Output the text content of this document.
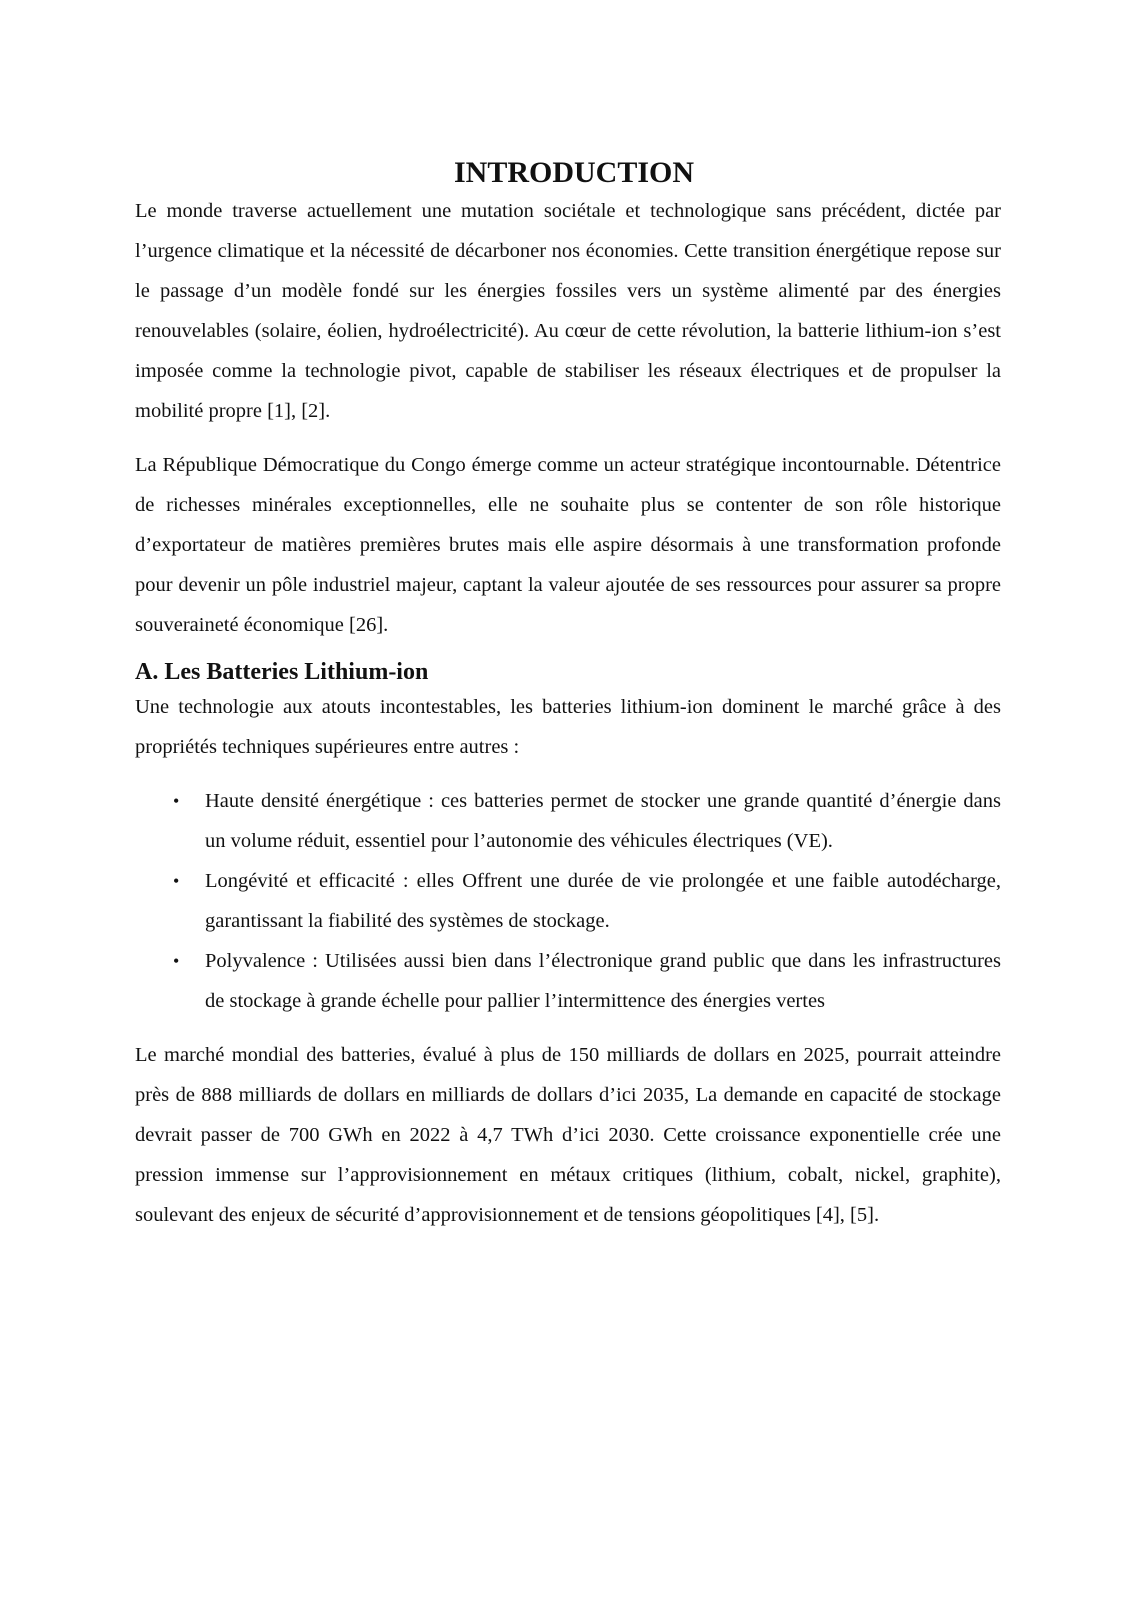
INTRODUCTION

Le monde traverse actuellement une mutation sociétale et technologique sans précédent, dictée par l’urgence climatique et la nécessité de décarboner nos économies. Cette transition énergétique repose sur le passage d’un modèle fondé sur les énergies fossiles vers un système alimenté par des énergies renouvelables (solaire, éolien, hydroélectricité). Au cœur de cette révolution, la batterie lithium-ion s’est imposée comme la technologie pivot, capable de stabiliser les réseaux électriques et de propulser la mobilité propre [1], [2].

La République Démocratique du Congo émerge comme un acteur stratégique incontournable. Détentrice de richesses minérales exceptionnelles, elle ne souhaite plus se contenter de son rôle historique d’exportateur de matières premières brutes mais elle aspire désormais à une transformation profonde pour devenir un pôle industriel majeur, captant la valeur ajoutée de ses ressources pour assurer sa propre souveraineté économique [26].

A. Les Batteries Lithium-ion

Une technologie aux atouts incontestables, les batteries lithium-ion dominent le marché grâce à des propriétés techniques supérieures entre autres :

• Haute densité énergétique : ces batteries permet de stocker une grande quantité d’énergie dans un volume réduit, essentiel pour l’autonomie des véhicules électriques (VE).
• Longévité et efficacité : elles Offrent une durée de vie prolongée et une faible autodécharge, garantissant la fiabilité des systèmes de stockage.
• Polyvalence : Utilisées aussi bien dans l’électronique grand public que dans les infrastructures de stockage à grande échelle pour pallier l’intermittence des énergies vertes

Le marché mondial des batteries, évalué à plus de 150 milliards de dollars en 2025, pourrait atteindre près de 888 milliards de dollars en milliards de dollars d’ici 2035, La demande en capacité de stockage devrait passer de 700 GWh en 2022 à 4,7 TWh d’ici 2030. Cette croissance exponentielle crée une pression immense sur l’approvisionnement en métaux critiques (lithium, cobalt, nickel, graphite), soulevant des enjeux de sécurité d’approvisionnement et de tensions géopolitiques [4], [5].
